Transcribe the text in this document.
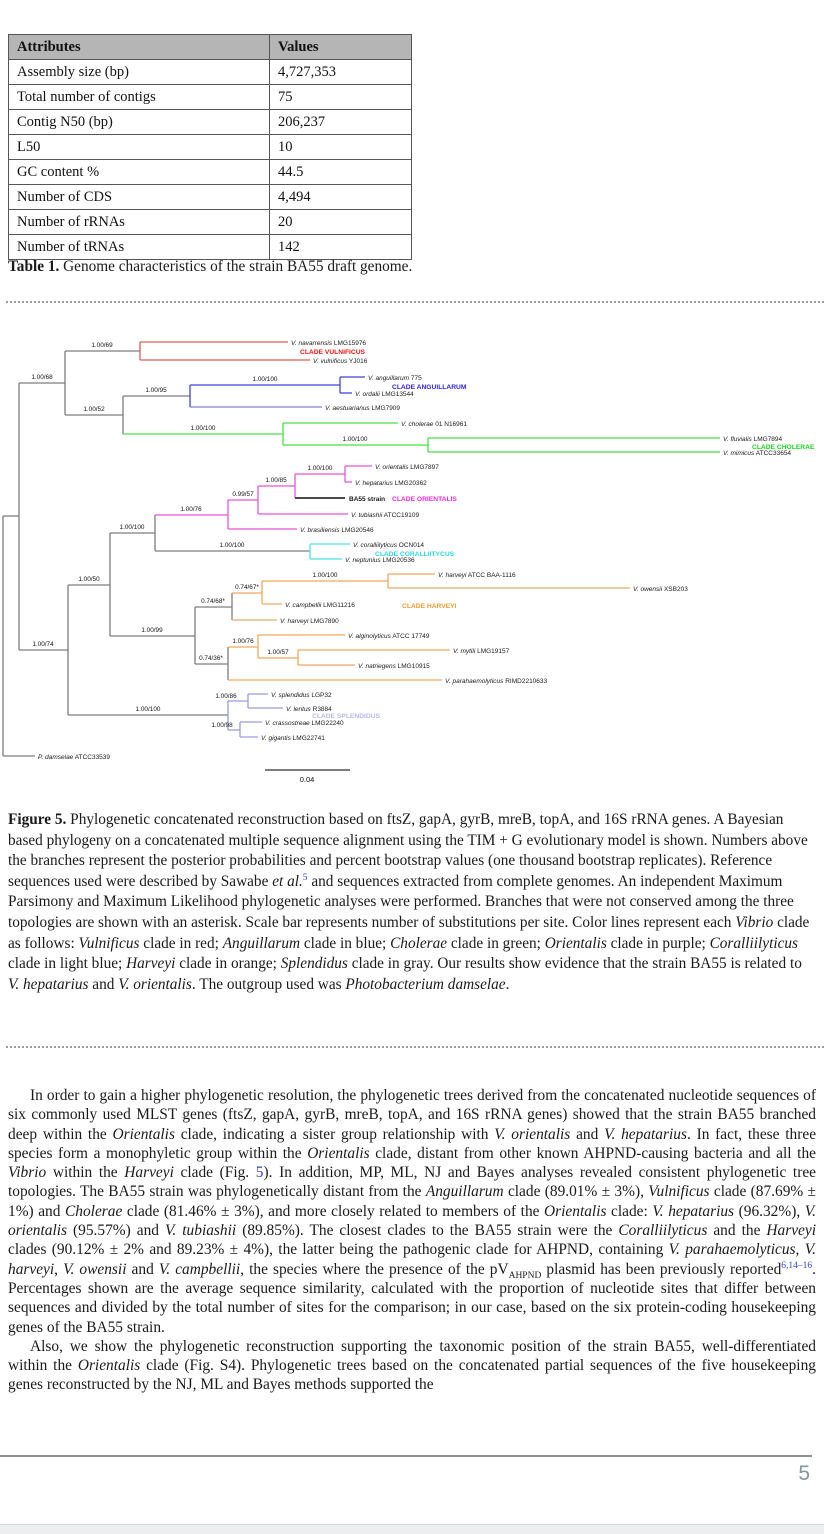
Attributes	Values
Assembly size (bp)	4,727,353
Total number of contigs	75
Contig N50 (bp)	206,237
L50	10
GC content %	44.5
Number of CDS	4,494
Number of rRNAs	20
Number of tRNAs	142

Table 1. Genome characteristics of the strain BA55 draft genome.

V. navarrensis LMG15976
V. vulnificus YJ016
V. anguillarum 775
V. ordalii LMG13544
V. aestuarianus LMG7909
V. cholerae 01 N16961
V. fluvialis LMG7894
V. mimicus ATCC33654
V. orientalis LMG7897
V. hepatarius LMG20362
BA55 strain
V. tubiashii ATCC19109
V. brasiliensis LMG20546
V. coralliilyticus OCN014
V. neptunius LMG20536
V. harveyi ATCC BAA-1116
V. owensii XSB203
V. campbellii LMG11216
V. harveyi LMG7890
V. alginolyticus ATCC 17749
V. mytili LMG19157
V. natriegens LMG10915
V. parahaemolyticus RIMD2210633
V. splendidus LGP32
V. lentus R3884
V. crassostreae LMG22240
V. gigantis LMG22741
P. damselae ATCC33539
1.00/68
1.00/69
1.00/100
1.00/95
1.00/52
1.00/100
1.00/100
1.00/100
1.00/85
0.99/57
1.00/76
1.00/100
1.00/100
1.00/50
1.00/100
0.74/67*
0.74/68*
1.00/99
1.00/76
1.00/57
0.74/36*
1.00/74
1.00/100
1.00/86
1.00/98
CLADE VULNIFICUS
CLADE ANGUILLARUM
CLADE CHOLERAE
CLADE ORIENTALIS
CLADE CORALLIITYCUS
CLADE HARVEYI
CLADE SPLENDIDUS
0.04
Figure 5. Phylogenetic concatenated reconstruction based on ftsZ, gapA, gyrB, mreB, topA, and 16S rRNA genes. A Bayesian based phylogeny on a concatenated multiple sequence alignment using the TIM + G evolutionary model is shown. Numbers above the branches represent the posterior probabilities and percent bootstrap values (one thousand bootstrap replicates). Reference sequences used were described by Sawabe et al.$^5$ and sequences extracted from complete genomes. An independent Maximum Parsimony and Maximum Likelihood phylogenetic analyses were performed. Branches that were not conserved among the three topologies are shown with an asterisk. Scale bar represents number of substitutions per site. Color lines represent each Vibrio clade as follows: Vulnificus clade in red; Anguillarum clade in blue; Cholerae clade in green; Orientalis clade in purple; Coralliilyticus clade in light blue; Harveyi clade in orange; Splendidus clade in gray. Our results show evidence that the strain BA55 is related to V. hepatarius and V. orientalis. The outgroup used was Photobacterium damselae.

In order to gain a higher phylogenetic resolution, the phylogenetic trees derived from the concatenated nucleotide sequences of six commonly used MLST genes (ftsZ, gapA, gyrB, mreB, topA, and 16S rRNA genes) showed that the strain BA55 branched deep within the Orientalis clade, indicating a sister group relationship with V. orientalis and V. hepatarius. In fact, these three species form a monophyletic group within the Orientalis clade, distant from other known AHPND-causing bacteria and all the Vibrio within the Harveyi clade (Fig. 5). In addition, MP, ML, NJ and Bayes analyses revealed consistent phylogenetic tree topologies. The BA55 strain was phylogenetically distant from the Anguillarum clade (89.01% ± 3%), Vulnificus clade (87.69% ± 1%) and Cholerae clade (81.46% ± 3%), and more closely related to members of the Orientalis clade: V. hepatarius (96.32%), V. orientalis (95.57%) and V. tubiashii (89.85%). The closest clades to the BA55 strain were the Coralliilyticus and the Harveyi clades (90.12% ± 2% and 89.23% ± 4%), the latter being the pathogenic clade for AHPND, containing V. parahaemolyticus, V. harveyi, V. owensii and V. campbellii, the species where the presence of the $pV_{AHPND}$ plasmid has been previously reported$^{6,14-16}$. Percentages shown are the average sequence similarity, calculated with the proportion of nucleotide sites that differ between sequences and divided by the total number of sites for the comparison; in our case, based on the six protein-coding housekeeping genes of the BA55 strain.

Also, we show the phylogenetic reconstruction supporting the taxonomic position of the strain BA55, well-differentiated within the Orientalis clade (Fig. S4). Phylogenetic trees based on the concatenated partial sequences of the five housekeeping genes reconstructed by the NJ, ML and Bayes methods supported the

5
